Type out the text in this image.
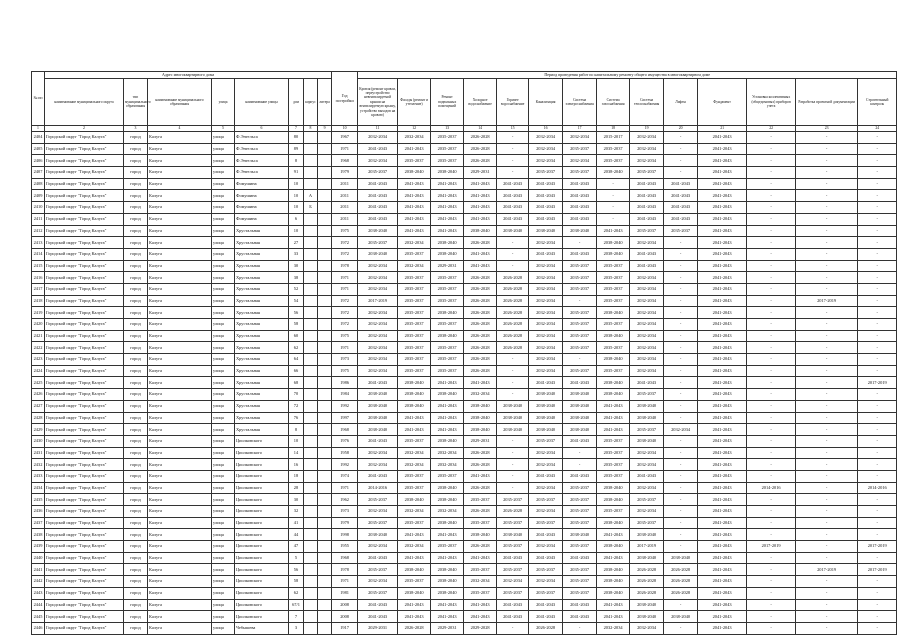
№ пп	Адрес многоквартирного дома								Год постройки	Период проведения работ по капитальному ремонту общего имущества в многоквартирном доме													
	наименование муниципального округа	тип муниципального образования	наименование муниципального образования	улица	наименование улицы	дом	корпус	литера		Кровля (ремонт кровли, переустройство невентилируемой крыши на вентилируемую крышу, устройство выходов на кровлю)	Фасады (ремонт и утепление)	Ремонт подвальных помещений	Холодное водоснабжение	Горячее водоснабжение	Канализация	Система электроснабжения	Система газоснабжения	Система теплоснабжения	Лифты	Фундамент	Установка коллективных (общедомовых) приборов учета	Разработка проектной документации	Строительный контроль
1	2	3	4	5	6	7	8	9	10	11	12	13	14	15	16	17	18	19	20	21	22	23	24
2404	Городской округ "Город Калуга"	город	Калуга	улица	Ф.Энгельса	80			1967	2032-2034	2032-2034	2035-2037	2026-2028	-	2032-2034	2032-2034	2015-2017	2032-2034	-	2041-2043	-	-	-
2405	Городской округ "Город Калуга"	город	Калуга	улица	Ф.Энгельса	89			1971	2041-2043	2041-2043	2035-2037	2026-2028	-	2032-2034	2035-2037	2035-2037	2032-2034	-	2041-2043	-	-	-
2406	Городской округ "Город Калуга"	город	Калуга	улица	Ф.Энгельса	8			1968	2032-2034	2035-2037	2035-2037	2026-2028	-	2032-2034	2032-2034	2035-2037	2032-2034	-	2041-2043	-	-	-
2407	Городской округ "Город Калуга"	город	Калуга	улица	Ф.Энгельса	91			1979	2035-2037	2038-2040	2038-2040	2029-2031	-	2035-2037	2035-2037	2038-2040	2035-2037	-	2041-2043	-	-	-
2408	Городской округ "Город Калуга"	город	Калуга	улица	Фомушина	10			2011	2041-2043	2041-2043	2041-2043	2041-2043	2041-2043	2041-2043	2041-2043	-	2041-2043	2041-2043	2041-2043	-	-	-
2409	Городской округ "Город Калуга"	город	Калуга	улица	Фомушина	10	А		2011	2041-2043	2041-2043	2041-2043	2041-2043	2041-2043	2041-2043	2041-2043	-	2041-2043	2041-2043	2041-2043	-	-	-
2410	Городской округ "Город Калуга"	город	Калуга	улица	Фомушина	10	Б		2011	2041-2043	2041-2043	2041-2043	2041-2043	2041-2043	2041-2043	2041-2043	-	2041-2043	2041-2043	2041-2043	-	-	-
2411	Городской округ "Город Калуга"	город	Калуга	улица	Фомушина	6			2011	2041-2043	2041-2043	2041-2043	2041-2043	2041-2043	2041-2043	2041-2043	-	2041-2043	2041-2043	2041-2043	-	-	-
2412	Городской округ "Город Калуга"	город	Калуга	улица	Хрустальная	10			1975	2038-2040	2041-2043	2041-2043	2038-2040	2038-2040	2038-2040	2038-2040	2041-2043	2035-2037	2035-2037	2041-2043	-	-	-
2413	Городской округ "Город Калуга"	город	Калуга	улица	Хрустальная	27			1972	2035-2037	2032-2034	2038-2040	2026-2028	-	2032-2034	-	2038-2040	2032-2034	-	2041-2043	-	-	-
2414	Городской округ "Город Калуга"	город	Калуга	улица	Хрустальная	33			1972	2038-2040	2035-2037	2038-2040	2041-2043	-	2041-2043	2041-2043	2038-2040	2041-2043	-	2041-2043	-	-	-
2415	Городской округ "Город Калуга"	город	Калуга	улица	Хрустальная	30			1978	2032-2034	2032-2034	2029-2031	2041-2043	-	2032-2034	2035-2037	2035-2037	2041-2043	-	2041-2043	-	-	-
2416	Городской округ "Город Калуга"	город	Калуга	улица	Хрустальная	38			1971	2032-2034	2035-2037	2035-2037	2026-2028	2026-2028	2032-2034	2035-2037	2035-2037	2032-2034	-	2041-2043	-	-	-
2417	Городской округ "Город Калуга"	город	Калуга	улица	Хрустальная	52			1971	2032-2034	2035-2037	2035-2037	2026-2028	2026-2028	2032-2034	2035-2037	2035-2037	2032-2034	-	2041-2043	-	-	-
2418	Городской округ "Город Калуга"	город	Калуга	улица	Хрустальная	54			1972	2017-2019	2035-2037	2035-2037	2026-2028	2026-2028	2032-2034	-	2035-2037	2032-2034	-	2041-2043	-	2017-2019	-
2419	Городской округ "Город Калуга"	город	Калуга	улица	Хрустальная	56			1972	2032-2034	2035-2037	2038-2040	2026-2028	2026-2028	2032-2034	2035-2037	2038-2040	2032-2034	-	2041-2043	-	-	-
2420	Городской округ "Город Калуга"	город	Калуга	улица	Хрустальная	58			1972	2032-2034	2035-2037	2035-2037	2026-2028	2026-2028	2032-2034	2035-2037	2035-2037	2032-2034	-	2041-2043	-	-	-
2421	Городской округ "Город Калуга"	город	Калуга	улица	Хрустальная	60			1975	2032-2034	2035-2037	2038-2040	2026-2028	2026-2028	2032-2034	2035-2037	2038-2040	2032-2034	-	2041-2043	-	-	-
2422	Городской округ "Город Калуга"	город	Калуга	улица	Хрустальная	62			1971	2032-2034	2035-2037	2035-2037	2026-2028	2026-2028	2032-2034	2035-2037	2035-2037	2032-2034	-	2041-2043	-	-	-
2423	Городской округ "Город Калуга"	город	Калуга	улица	Хрустальная	64			1973	2032-2034	2035-2037	2035-2037	2026-2028	-	2032-2034	-	2038-2040	2032-2034	-	2041-2043	-	-	-
2424	Городской округ "Город Калуга"	город	Калуга	улица	Хрустальная	66			1975	2032-2034	2035-2037	2035-2037	2026-2028	-	2032-2034	2035-2037	2035-2037	2032-2034	-	2041-2043	-	-	-
2425	Городской округ "Город Калуга"	город	Калуга	улица	Хрустальная	68			1986	2041-2043	2038-2040	2041-2043	2041-2043	-	2041-2043	2041-2043	2038-2040	2041-2043	-	2041-2043	-	-	2017-2019
2426	Городской округ "Город Калуга"	город	Калуга	улица	Хрустальная	70			1984	2038-2040	2038-2040	2038-2040	2032-2034	-	2038-2040	2038-2040	2038-2040	2035-2037	-	2041-2043	-	-	-
2427	Городской округ "Город Калуга"	город	Калуга	улица	Хрустальная	72			1992	2038-2040	2038-2040	2041-2043	2038-2040	2038-2040	2038-2040	2038-2040	2041-2043	2038-2040	-	2041-2043	-	-	-
2428	Городской округ "Город Калуга"	город	Калуга	улица	Хрустальная	76			1997	2038-2040	2041-2043	2041-2043	2038-2040	2038-2040	2038-2040	2038-2040	2041-2043	2038-2040	-	2041-2043	-	-	-
2429	Городской округ "Город Калуга"	город	Калуга	улица	Хрустальная	8			1968	2038-2040	2041-2043	2041-2043	2038-2040	2038-2040	2038-2040	2038-2040	2041-2043	2035-2037	2032-2034	2041-2043	-	-	-
2430	Городской округ "Город Калуга"	город	Калуга	улица	Циолковского	10			1976	2041-2043	2035-2037	2038-2040	2029-2031	-	2035-2037	2041-2043	2035-2037	2038-2040	-	2041-2043	-	-	-
2431	Городской округ "Город Калуга"	город	Калуга	улица	Циолковского	14			1958	2032-2034	2032-2034	2032-2034	2026-2028	-	2032-2034	-	2035-2037	2032-2034	-	2041-2043	-	-	-
2432	Городской округ "Город Калуга"	город	Калуга	улица	Циолковского	16			1992	2032-2034	2032-2034	2032-2034	2026-2028	-	2032-2034	-	2035-2037	2032-2034	-	2041-2043	-	-	-
2433	Городской округ "Город Калуга"	город	Калуга	улица	Циолковского	18			1974	2041-2043	2035-2037	2035-2037	2041-2043	-	2041-2043	2041-2043	2035-2037	2041-2043	-	2041-2043	-	-	-
2434	Городской округ "Город Калуга"	город	Калуга	улица	Циолковского	28			1971	2014-2016	2035-2037	2038-2040	2026-2028	-	2032-2034	2035-2037	2038-2040	2032-2034	-	2041-2043	2014-2016	-	2014-2016
2435	Городской округ "Город Калуга"	город	Калуга	улица	Циолковского	30			1962	2035-2037	2038-2040	2038-2040	2035-2037	2035-2037	2035-2037	2035-2037	2038-2040	2035-2037	-	2041-2043	-	-	-
2436	Городской округ "Город Калуга"	город	Калуга	улица	Циолковского	32			1973	2032-2034	2032-2034	2032-2034	2026-2028	2026-2028	2032-2034	2035-2037	2035-2037	2032-2034	-	2041-2043	-	-	-
2437	Городской округ "Город Калуга"	город	Калуга	улица	Циолковского	41			1979	2035-2037	2035-2037	2038-2040	2035-2037	2035-2037	2035-2037	2035-2037	2038-2040	2035-2037	-	2041-2043	-	-	-
2438	Городской округ "Город Калуга"	город	Калуга	улица	Циолковского	44			1998	2038-2040	2041-2043	2041-2043	2038-2040	2038-2040	2041-2043	2038-2040	2041-2043	2038-2040	-	2041-2043	-	-	-
2439	Городской округ "Город Калуга"	город	Калуга	улица	Циолковского	47			1955	2032-2034	2032-2034	2035-2037	2026-2028	2035-2037	2032-2034	2035-2037	2038-2040	2017-2019	-	2041-2043	2017-2019	-	2017-2019
2440	Городской округ "Город Калуга"	город	Калуга	улица	Циолковского	5			1968	2041-2043	2041-2043	2041-2043	2041-2043	2041-2043	2041-2043	2041-2043	2041-2043	2038-2040	2038-2040	2041-2043	-	-	-
2441	Городской округ "Город Калуга"	город	Калуга	улица	Циолковского	56			1978	2035-2037	2038-2040	2038-2040	2035-2037	2035-2037	2035-2037	2035-2037	2038-2040	2026-2028	2026-2028	2041-2043	-	2017-2019	2017-2019
2442	Городской округ "Город Калуга"	город	Калуга	улица	Циолковского	58			1971	2032-2034	2035-2037	2038-2040	2032-2034	2032-2034	2032-2034	2035-2037	2038-2040	2026-2028	2026-2028	2041-2043	-	-	-
2443	Городской округ "Город Калуга"	город	Калуга	улица	Циолковского	62			1981	2035-2037	2038-2040	2038-2040	2035-2037	2035-2037	2035-2037	2035-2037	2038-2040	2026-2028	2026-2028	2041-2043	-	-	-
2444	Городской округ "Город Калуга"	город	Калуга	улица	Циолковского	67/1			2008	2041-2043	2041-2043	2041-2043	2041-2043	2041-2043	2041-2043	2041-2043	2041-2043	2038-2040	-	2041-2043	-	-	-
2445	Городской округ "Город Калуга"	город	Калуга	улица	Циолковского	7			2008	2041-2043	2041-2043	2041-2043	2041-2043	2041-2043	2041-2043	2041-2043	2041-2043	2038-2040	2038-2040	2041-2043	-	-	-
2446	Городской округ "Город Калуга"	город	Калуга	улица	Чебышева	3			1917	2029-2031	2026-2028	2029-2031	2029-2028	-	2026-2028	-	2032-2034	2032-2034	-	2041-2043	-	-	-
